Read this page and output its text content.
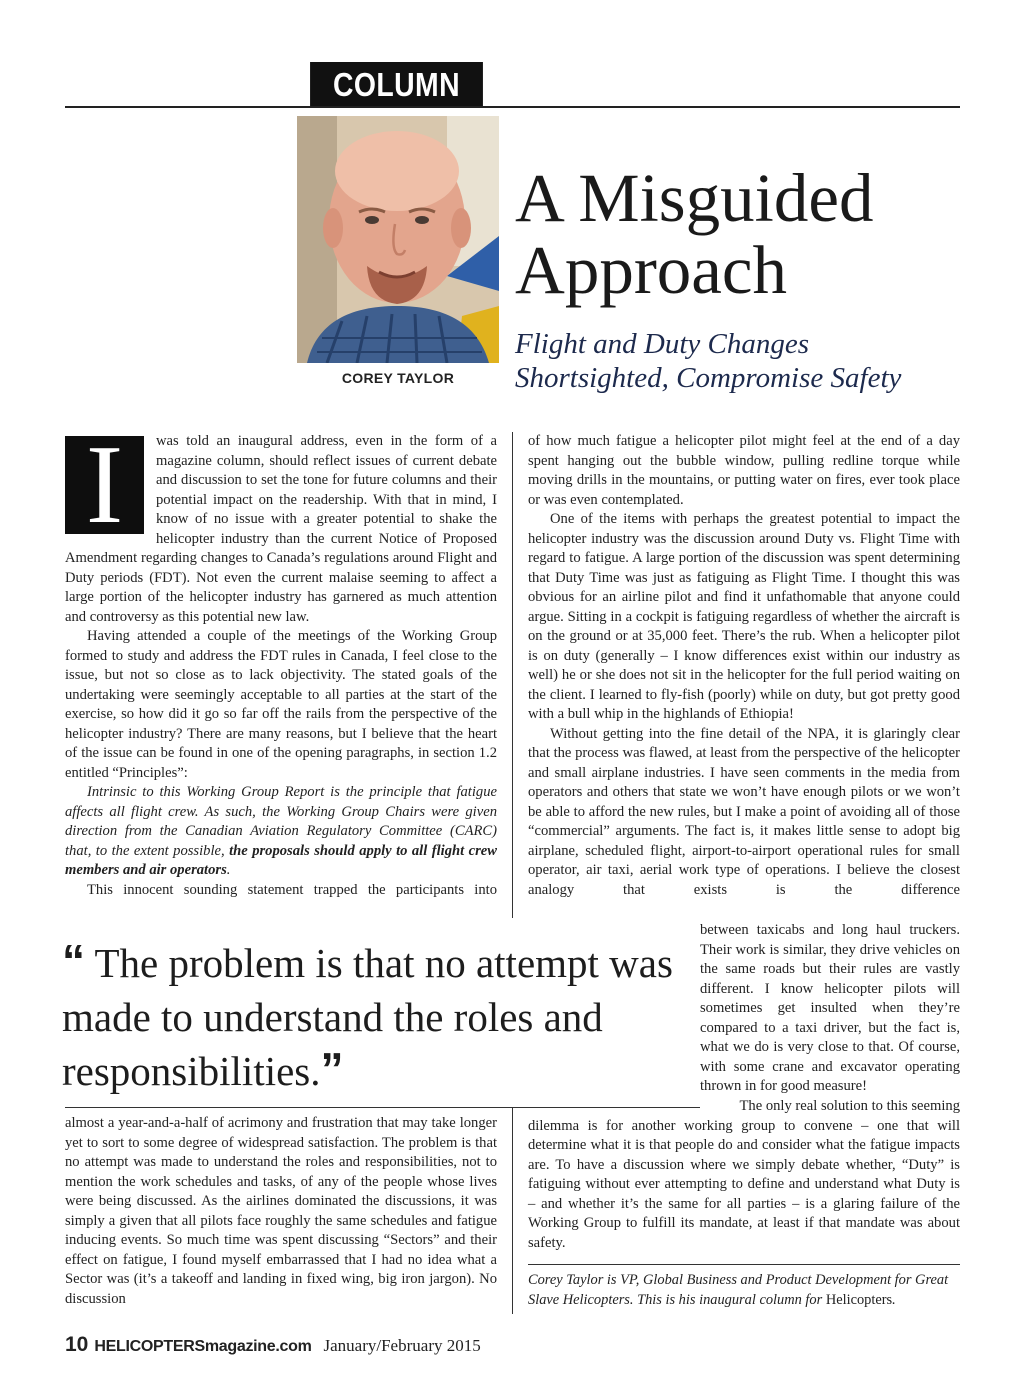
COLUMN
COREY TAYLOR
A Misguided
Approach
Flight and Duty Changes
Shortsighted, Compromise Safety
I	was told an inaugural address, even in the form of a magazine column, should reflect issues of current debate and discussion to set the tone for future columns and their potential impact on the readership. With that in mind, I know of no issue with a greater potential to shake the helicopter industry than the current Notice of Proposed Amendment regarding changes to Canada’s regulations around Flight and Duty periods (FDT). Not even the current malaise seeming to affect a large portion of the helicopter industry has garnered as much attention and controversy as this potential new law.

Having attended a couple of the meetings of the Working Group formed to study and address the FDT rules in Canada, I feel close to the issue, but not so close as to lack objectivity. The stated goals of the undertaking were seemingly acceptable to all parties at the start of the exercise, so how did it go so far off the rails from the perspective of the helicopter industry? There are many reasons, but I believe that the heart of the issue can be found in one of the opening paragraphs, in section 1.2 entitled “Principles”:

Intrinsic to this Working Group Report is the principle that fatigue affects all flight crew. As such, the Working Group Chairs were given direction from the Canadian Aviation Regulatory Committee (CARC) that, to the extent possible, the proposals should apply to all flight crew members and air operators.

This innocent sounding statement trapped the participants into

of how much fatigue a helicopter pilot might feel at the end of a day spent hanging out the bubble window, pulling redline torque while moving drills in the mountains, or putting water on fires, ever took place or was even contemplated.

One of the items with perhaps the greatest potential to impact the helicopter industry was the discussion around Duty vs. Flight Time with regard to fatigue. A large portion of the discussion was spent determining that Duty Time was just as fatiguing as Flight Time. I thought this was obvious for an airline pilot and find it unfathomable that anyone could argue. Sitting in a cockpit is fatiguing regardless of whether the aircraft is on the ground or at 35,000 feet. There’s the rub. When a helicopter pilot is on duty (generally – I know differences exist within our industry as well) he or she does not sit in the helicopter for the full period waiting on the client. I learned to fly-fish (poorly) while on duty, but got pretty good with a bull whip in the highlands of Ethiopia!

Without getting into the fine detail of the NPA, it is glaringly clear that the process was flawed, at least from the perspective of the helicopter and small airplane industries. I have seen comments in the media from operators and others that state we won’t have enough pilots or we won’t be able to afford the new rules, but I make a point of avoiding all of those “commercial” arguments. The fact is, it makes little sense to adopt big airplane, scheduled flight, airport-to-airport operational rules for small operator, air taxi, aerial work type of operations. I believe the closest analogy that exists is the difference

“ The problem is that no attempt was made to understand the roles and responsibilities.”

between taxicabs and long haul truckers. Their work is similar, they drive vehicles on the same roads but their rules are vastly different. I know helicopter pilots will sometimes get insulted when they’re compared to a taxi driver, but the fact is, what we do is very close to that. Of course, with some crane and excavator operating thrown in for good measure!

The only real solution to this seeming

dilemma is for another working group to convene – one that will determine what it is that people do and consider what the fatigue impacts are. To have a discussion where we simply debate whether, “Duty” is fatiguing without ever attempting to define and understand what Duty is – and whether it’s the same for all parties – is a glaring failure of the Working Group to fulfill its mandate, at least if that mandate was about safety.

almost a year-and-a-half of acrimony and frustration that may take longer yet to sort to some degree of widespread satisfaction. The problem is that no attempt was made to understand the roles and responsibilities, not to mention the work schedules and tasks, of any of the people whose lives were being discussed. As the airlines dominated the discussions, it was simply a given that all pilots face roughly the same schedules and fatigue inducing events. So much time was spent discussing “Sectors” and their effect on fatigue, I found myself embarrassed that I had no idea what a Sector was (it’s a takeoff and landing in fixed wing, big iron jargon). No discussion

Corey Taylor is VP, Global Business and Product Development for Great Slave Helicopters. This is his inaugural column for Helicopters.
10 HELICOPTERSmagazine.com January/February 2015
